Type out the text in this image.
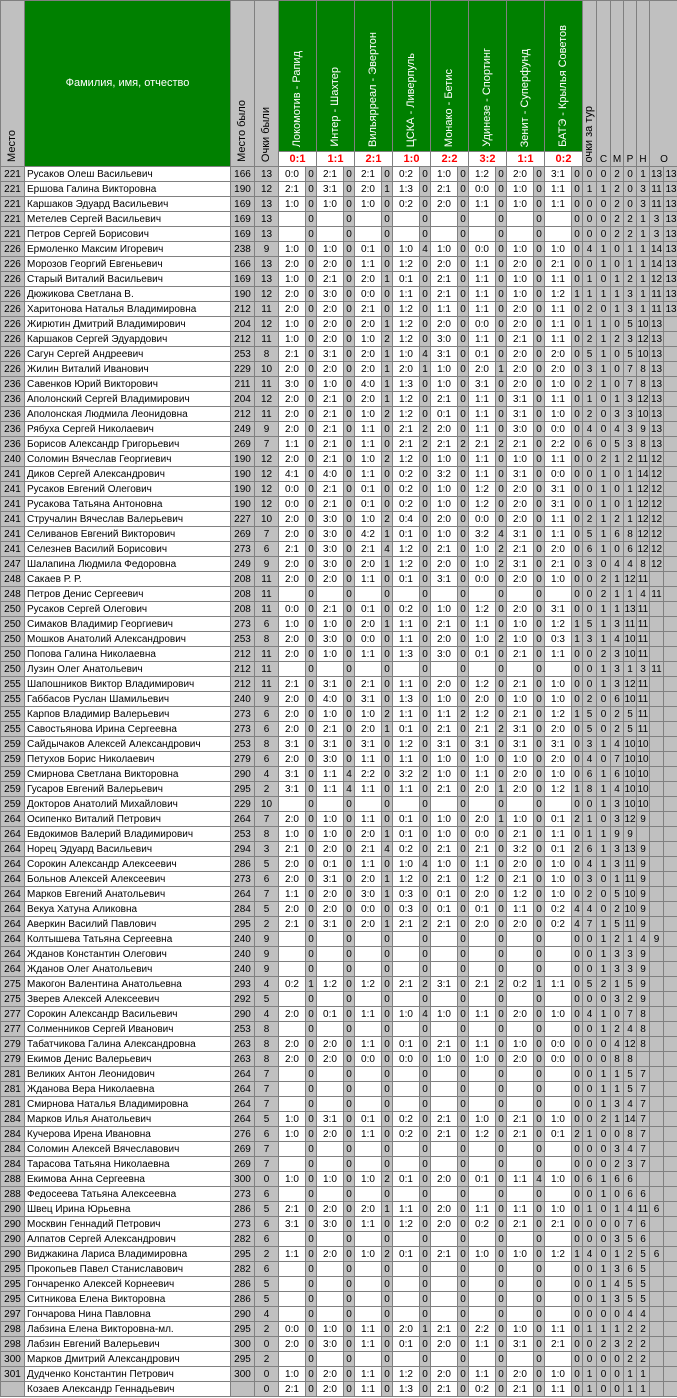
Место	Фамилия, имя, отчество	Место было	Очки были	Локомотив - Рапид		Интер - Шахтер		Вильярреал - Эвертон		ЦСКА - Ливерпуль		Монако - Бетис		Удинезе - Спортинг		Зенит - Суперфунд		БАТЭ - Крылья Советов		очки за тур	С	М	Р	Н	О	
				0:1		1:1		2:1		1:0		2:2		3:2		1:1		0:2								
221	Русаков Олеш Васильевич	166	13	0:0	0	2:1	0	2:1	0	0:2	0	1:0	0	1:2	0	2:0	0	3:1	0	0	0	2	0	1	13	13
221	Ершова Галина Викторовна	190	12	2:1	0	3:1	0	2:0	1	1:3	0	2:1	0	0:0	0	1:0	0	1:1	0	1	1	2	0	3	11	13
221	Каршаков Эдуард Васильевич	169	13	1:0	0	1:0	0	1:0	0	0:2	0	2:0	0	1:1	0	1:0	0	1:1	0	0	0	2	0	3	11	13
221	Метелев Сергей Васильевич	169	13		0		0		0		0		0		0		0		0	0	0	2	2	1	3	13
221	Петров Сергей Борисович	169	13		0		0		0		0		0		0		0		0	0	0	2	2	1	3	13
226	Ермоленко Максим Игоревич	238	9	1:0	0	1:0	0	0:1	0	1:0	4	1:0	0	0:0	0	1:0	0	1:0	0	4	1	0	1	1	14	13
226	Морозов Георгий Евгеньевич	166	13	2:0	0	2:0	0	1:1	0	1:2	0	2:0	0	1:1	0	2:0	0	2:1	0	0	1	0	1	1	14	13
226	Старый Виталий Васильевич	169	13	1:0	0	2:1	0	2:0	1	0:1	0	2:1	0	1:1	0	1:0	0	1:1	0	1	0	1	2	1	12	13
226	Дюжикова Светлана В.	190	12	2:0	0	3:0	0	0:0	0	1:1	0	2:1	0	1:1	0	1:0	0	1:2	1	1	1	1	3	1	11	13
226	Харитонова Наталья Владимировна	212	11	2:0	0	2:0	0	2:1	0	1:2	0	1:1	0	1:1	0	2:0	0	1:1	0	2	0	1	3	1	11	13
226	Жирютин Дмитрий Владимирович	204	12	1:0	0	2:0	0	2:0	1	1:2	0	2:0	0	0:0	0	2:0	0	1:1	0	1	1	0	5	10	13	
226	Каршаков Сергей Эдуардович	212	11	1:0	0	2:0	0	1:0	2	1:2	0	3:0	0	1:1	0	2:1	0	1:1	0	2	1	2	3	12	13	
226	Сагун Сергей Андреевич	253	8	2:1	0	3:1	0	2:0	1	1:0	4	3:1	0	0:1	0	2:0	0	2:0	0	5	1	0	5	10	13	
226	Жилин Виталий Иванович	229	10	2:0	0	2:0	0	2:0	1	2:0	1	1:0	0	2:0	1	2:0	0	2:0	0	3	1	0	7	8	13	
236	Савенков Юрий Викторович	211	11	3:0	0	1:0	0	4:0	1	1:3	0	1:0	0	3:1	0	2:0	0	1:0	0	2	1	0	7	8	13	
236	Аполонский Сергей Владимирович	204	12	2:0	0	2:1	0	2:0	1	1:2	0	2:1	0	1:1	0	3:1	0	1:1	0	1	0	1	3	12	13	
236	Аполонская Людмила Леонидовна	212	11	2:0	0	2:1	0	1:0	2	1:2	0	0:1	0	1:1	0	3:1	0	1:0	0	2	0	3	3	10	13	
236	Рябуха Сергей Николаевич	249	9	2:0	0	2:1	0	1:1	0	2:1	2	2:0	0	1:1	0	3:0	0	0:0	0	4	0	4	3	9	13	
236	Борисов Александр Григорьевич	269	7	1:1	0	2:1	0	1:1	0	2:1	2	2:1	2	2:1	2	2:1	0	2:2	0	6	0	5	3	8	13	
240	Соломин Вячеслав Георгиевич	190	12	2:0	0	2:1	0	1:0	2	1:2	0	1:0	0	1:1	0	1:0	0	1:1	0	0	2	1	2	11	12	
241	Диков Сергей Александрович	190	12	4:1	0	4:0	0	1:1	0	0:2	0	3:2	0	1:1	0	3:1	0	0:0	0	0	1	0	1	14	12	
241	Русаков Евгений Олегович	190	12	0:0	0	2:1	0	0:1	0	0:2	0	1:0	0	1:2	0	2:0	0	3:1	0	0	1	0	1	12	12	
241	Русакова Татьяна Антоновна	190	12	0:0	0	2:1	0	0:1	0	0:2	0	1:0	0	1:2	0	2:0	0	3:1	0	0	1	0	1	12	12	
241	Стручалин Вячеслав Валерьевич	227	10	2:0	0	3:0	0	1:0	2	0:4	0	2:0	0	0:0	0	2:0	0	1:1	0	2	1	2	1	12	12	
241	Селиванов Евгений Викторович	269	7	2:0	0	3:0	0	4:2	1	0:1	0	1:0	0	3:2	4	3:1	0	1:1	0	5	1	6	8	12	12	
241	Селезнев Василий Борисович	273	6	2:1	0	3:0	0	2:1	4	1:2	0	2:1	0	1:0	2	2:1	0	2:0	0	6	1	0	6	12	12	
247	Шалапина Людмила Федоровна	249	9	2:0	0	3:0	0	2:0	1	1:2	0	2:0	0	1:0	2	3:1	0	2:1	0	3	0	4	4	8	12	
248	Сакаев Р. Р.	208	11	2:0	0	2:0	0	1:1	0	0:1	0	3:1	0	0:0	0	2:0	0	1:0	0	0	2	1	12	11		
248	Петров Денис Сергеевич	208	11		0		0		0		0		0		0		0		0	0	2	1	1	4	11	
250	Русаков Сергей Олегович	208	11	0:0	0	2:1	0	0:1	0	0:2	0	1:0	0	1:2	0	2:0	0	3:1	0	0	1	1	13	11		
250	Симаков Владимир Георгиевич	273	6	1:0	0	1:0	0	2:0	1	1:1	0	2:1	0	1:1	0	1:0	0	1:2	1	5	1	3	11	11		
250	Мошков Анатолий Александрович	253	8	2:0	0	3:0	0	0:0	0	1:1	0	2:0	0	1:0	2	1:0	0	0:3	1	3	1	4	10	11		
250	Попова Галина Николаевна	212	11	2:0	0	1:0	0	1:1	0	1:3	0	3:0	0	0:1	0	2:1	0	1:1	0	0	2	3	10	11		
250	Лузин Олег Анатольевич	212	11		0		0		0		0		0		0		0		0	0	1	3	1	3	11	
255	Шапошников Виктор Владимирович	212	11	2:1	0	3:1	0	2:1	0	1:1	0	2:0	0	1:2	0	2:1	0	1:0	0	0	1	3	12	11		
255	Габбасов Руслан Шамильевич	240	9	2:0	0	4:0	0	3:1	0	1:3	0	1:0	0	2:0	0	1:0	0	1:0	0	2	0	6	10	11		
255	Карпов Владимир Валерьевич	273	6	2:0	0	1:0	0	1:0	2	1:1	0	1:1	2	1:2	0	2:1	0	1:2	1	5	0	2	5	11		
255	Савостьянова Ирина Сергеевна	273	6	2:0	0	2:1	0	2:0	1	0:1	0	2:1	0	2:1	2	3:1	0	2:0	0	5	0	2	5	11		
259	Сайдычаков Алексей Александрович	253	8	3:1	0	3:1	0	3:1	0	1:2	0	3:1	0	3:1	0	3:1	0	3:1	0	3	1	4	10	10		
259	Петухов Борис Николаевич	279	6	2:0	0	3:0	0	1:1	0	1:1	0	1:0	0	1:0	0	1:0	0	2:0	0	4	0	7	10	10		
259	Смирнова Светлана Викторовна	290	4	3:1	0	1:1	4	2:2	0	3:2	2	1:0	0	1:1	0	2:0	0	1:0	0	6	1	6	10	10		
259	Гусаров Евгений Валерьевич	295	2	3:1	0	1:1	4	1:1	0	1:1	0	2:1	0	2:0	1	2:0	0	1:2	1	8	1	4	10	10		
259	Докторов Анатолий Михайлович	229	10		0		0		0		0		0		0		0		0	0	1	3	10	10		
264	Осипенко Виталий Петрович	264	7	2:0	0	1:0	0	1:1	0	0:1	0	1:0	0	2:0	1	1:0	0	0:1	2	1	0	3	12	9		
264	Евдокимов Валерий Владимирович	253	8	1:0	0	1:0	0	2:0	1	0:1	0	1:0	0	0:0	0	2:1	0	1:1	0	1	1	9	9			
264	Норец Эдуард Васильевич	294	3	2:1	0	2:0	0	2:1	4	0:2	0	2:1	0	2:1	0	3:2	0	0:1	2	6	1	3	13	9		
264	Сорокин Александр Алексеевич	286	5	2:0	0	0:1	0	1:1	0	1:0	4	1:0	0	1:1	0	2:0	0	1:0	0	4	1	3	11	9		
264	Больнов Алексей Алексеевич	273	6	2:0	0	3:1	0	2:0	1	1:2	0	2:1	0	1:2	0	2:1	0	1:0	0	3	0	1	11	9		
264	Марков Евгений Анатольевич	264	7	1:1	0	2:0	0	3:0	1	0:3	0	0:1	0	2:0	0	1:2	0	1:0	0	2	0	5	10	9		
264	Векуа Хатуна Аликовна	284	5	2:0	0	2:0	0	0:0	0	0:3	0	0:1	0	0:1	0	1:1	0	0:2	4	4	0	2	10	9		
264	Аверкин Василий Павлович	295	2	2:1	0	3:1	0	2:0	1	2:1	2	2:1	0	2:0	0	2:0	0	0:2	4	7	1	5	11	9		
264	Колтышева Татьяна Сергеевна	240	9		0		0		0		0		0		0		0		0	0	1	2	1	4	9	
264	Жданов Константин Олегович	240	9		0		0		0		0		0		0		0		0	0	1	3	3	9		
264	Жданов Олег Анатольевич	240	9		0		0		0		0		0		0		0		0	0	1	3	3	9		
275	Макогон Валентина Анатольевна	293	4	0:2	1	1:2	0	1:2	0	2:1	2	3:1	0	2:1	2	0:2	1	1:1	0	5	2	1	5	9		
275	Зверев Алексей Алексеевич	292	5		0		0		0		0		0		0		0		0	0	0	3	2	9		
277	Сорокин Александр Васильевич	290	4	2:0	0	0:1	0	1:1	0	1:0	4	1:0	0	1:1	0	2:0	0	1:0	0	4	1	0	7	8		
277	Солменников Сергей Иванович	253	8		0		0		0		0		0		0		0		0	0	1	2	4	8		
279	Табатчикова Галина Александровна	263	8	2:0	0	2:0	0	1:1	0	0:1	0	2:1	0	1:1	0	1:0	0	0:0	0	0	0	4	12	8		
279	Екимов Денис Валерьевич	263	8	2:0	0	2:0	0	0:0	0	0:0	0	1:0	0	1:0	0	2:0	0	0:0	0	0	0	8	8			
281	Великих Антон Леонидович	264	7		0		0		0		0		0		0		0		0	0	1	1	5	7		
281	Жданова Вера Николаевна	264	7		0		0		0		0		0		0		0		0	0	1	1	5	7		
281	Смирнова Наталья Владимировна	264	7		0		0		0		0		0		0		0		0	0	1	3	4	7		
284	Марков Илья Анатольевич	264	5	1:0	0	3:1	0	0:1	0	0:2	0	2:1	0	1:0	0	2:1	0	1:0	0	0	2	1	14	7		
284	Кучерова Ирена Ивановна	276	6	1:0	0	2:0	0	1:1	0	0:2	0	2:1	0	1:2	0	2:1	0	0:1	2	1	0	0	8	7		
284	Соломин Алексей Вячеславович	269	7		0		0		0		0		0		0		0		0	0	0	3	4	7		
284	Тарасова Татьяна Николаевна	269	7		0		0		0		0		0		0		0		0	0	0	2	3	7		
288	Екимова Анна Сергеевна	300	0	1:0	0	1:0	0	1:0	2	0:1	0	2:0	0	0:1	0	1:1	4	1:0	0	6	1	6	6			
288	Федосеева Татьяна Алексеевна	273	6		0		0		0		0		0		0		0		0	0	1	0	6	6		
290	Швец Ирина Юрьевна	286	5	2:1	0	2:0	0	2:0	1	1:1	0	2:0	0	1:1	0	1:1	0	1:0	0	1	0	1	4	11	6	
290	Москвин Геннадий Петрович	273	6	3:1	0	3:0	0	1:1	0	1:2	0	2:0	0	0:2	0	2:1	0	2:1	0	0	0	0	7	6		
290	Алпатов Сергей Александрович	282	6		0		0		0		0		0		0		0		0	0	0	3	5	6		
290	Виджакина Лариса Владимировна	295	2	1:1	0	2:0	0	1:0	2	0:1	0	2:1	0	1:0	0	1:0	0	1:2	1	4	0	1	2	5	6	
295	Прокопьев Павел Станиславович	282	6		0		0		0		0		0		0		0		0	0	1	3	6	5		
295	Гончаренко Алексей Корнеевич	286	5		0		0		0		0		0		0		0		0	0	1	4	5	5		
295	Ситникова Елена Викторовна	286	5		0		0		0		0		0		0		0		0	0	1	3	5	5		
297	Гончарова Нина Павловна	290	4		0		0		0		0		0		0		0		0	0	0	0	4	4		
298	Лабзина Елена Викторовна-мл.	295	2	0:0	0	1:0	0	1:1	0	2:0	1	2:1	0	2:2	0	1:0	0	1:1	0	1	1	1	2	2		
298	Лабзин Евгений Валерьевич	300	0	2:0	0	3:0	0	1:1	0	0:1	0	2:0	0	1:1	0	3:1	0	2:1	0	0	2	3	2	2		
300	Марков Дмитрий Александрович	295	2		0		0		0		0		0		0		0		0	0	0	0	2	2		
301	Дудченко Константин Петрович	300	0	1:0	0	2:0	0	1:1	0	1:2	0	2:0	0	1:1	0	2:0	0	1:0	0	1	0	0	1	1		
	Козаев Александр Геннадьевич		0	2:1	0	2:0	0	1:1	0	1:3	0	2:1	0	0:2	0	2:1	0	1:1	0	1	0	0	1	1		
